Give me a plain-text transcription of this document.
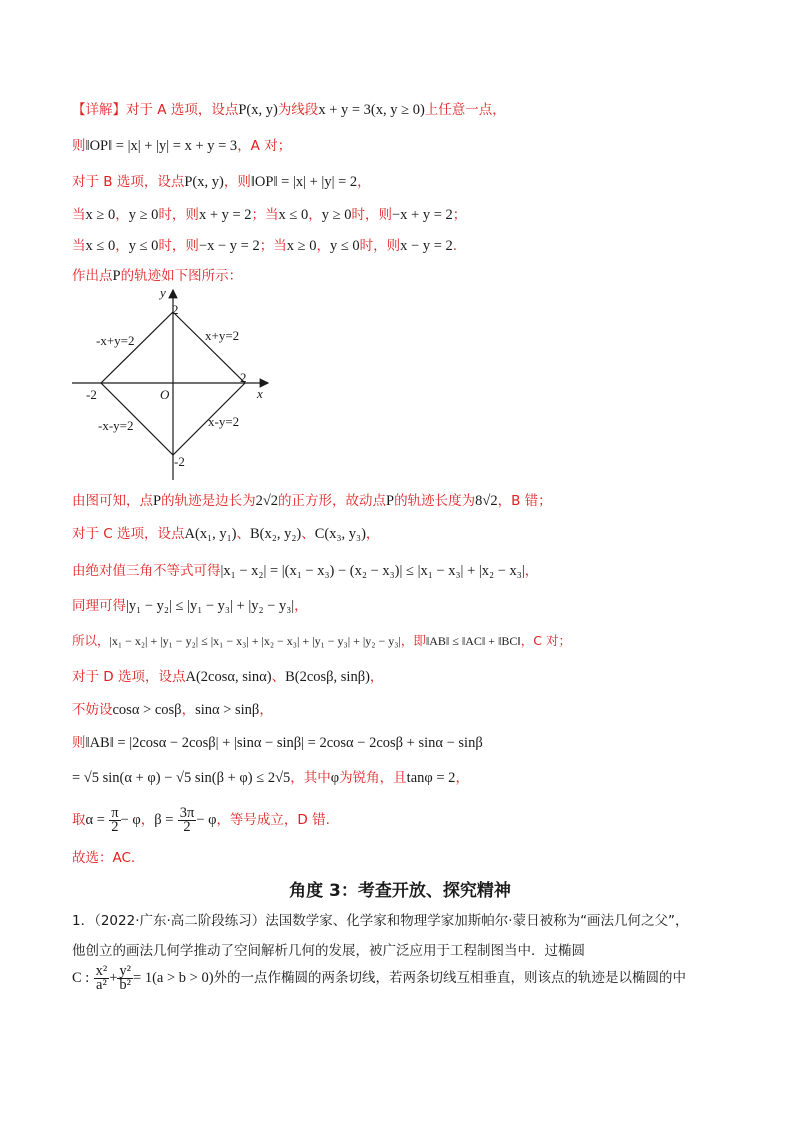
【详解】对于 A 选项，设点P(x, y)为线段x + y = 3(x, y ≥ 0)上任意一点，
则‖OP‖ = |x| + |y| = x + y = 3，A 对；
对于 B 选项，设点P(x, y)，则‖OP‖ = |x| + |y| = 2，
当x ≥ 0，y ≥ 0时，则x + y = 2；当x ≤ 0，y ≥ 0时，则−x + y = 2；
当x ≤ 0，y ≤ 0时，则−x − y = 2；当x ≥ 0，y ≤ 0时，则x − y = 2.
作出点P的轨迹如下图所示：
y
x
O
2
-2
-2
2
-x+y=2	x+y=2
-x-y=2	x-y=2
由图可知，点P的轨迹是边长为2√2的正方形，故动点P的轨迹长度为8√2，B 错；
对于 C 选项，设点A(x₁, y₁)、B(x₂, y₂)、C(x₃, y₃)，
由绝对值三角不等式可得|x₁ − x₂| = |(x₁ − x₃) − (x₂ − x₃)| ≤ |x₁ − x₃| + |x₂ − x₃|，
同理可得|y₁ − y₂| ≤ |y₁ − y₃| + |y₂ − y₃|，
所以，|x₁ − x₂| + |y₁ − y₂| ≤ |x₁ − x₃| + |x₂ − x₃| + |y₁ − y₃| + |y₂ − y₃|，即‖AB‖ ≤ ‖AC‖ + ‖BC‖，C 对；
对于 D 选项，设点A(2cosα, sinα)、B(2cosβ, sinβ)，
不妨设cosα > cosβ，sinα > sinβ，
则‖AB‖ = |2cosα − 2cosβ| + |sinα − sinβ| = 2cosα − 2cosβ + sinα − sinβ
= √5 sin(α + φ) − √5 sin(β + φ) ≤ 2√5，其中φ为锐角，且tanφ = 2，
取$\alpha = \frac{\pi}{2} - \varphi$，$\beta = \frac{3\pi}{2} - \varphi$，等号成立，D 错.
故选：AC.
角度 3：考查开放、探究精神
1．（2022·广东·高二阶段练习）法国数学家、化学家和物理学家加斯帕尔·蒙日被称为“画法几何之父”，
他创立的画法几何学推动了空间解析几何的发展，被广泛应用于工程制图当中．过椭圆
C : $\frac{\text{x²}}{\text{a²}} + \frac{\text{y²}}{\text{b²}} = 1(a > b > 0)$外的一点作椭圆的两条切线，若两条切线互相垂直，则该点的轨迹是以椭圆的中
